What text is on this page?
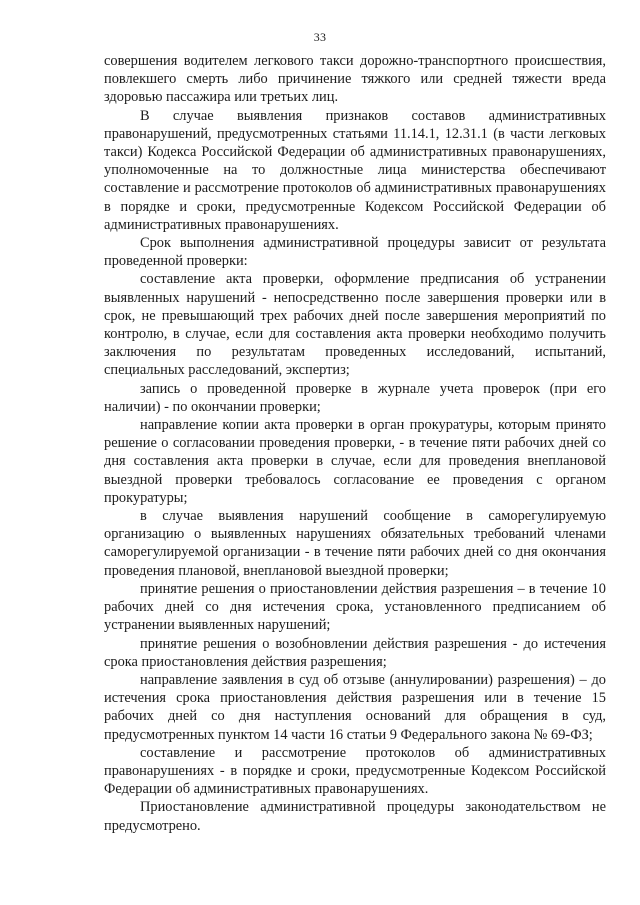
33

совершения водителем легкового такси дорожно-транспортного происшествия, повлекшего смерть либо причинение тяжкого или средней тяжести вреда здоровью пассажира или третьих лиц.

В случае выявления признаков составов административных правонарушений, предусмотренных статьями 11.14.1, 12.31.1 (в части легковых такси) Кодекса Российской Федерации об административных правонарушениях, уполномоченные на то должностные лица министерства обеспечивают составление и рассмотрение протоколов об административных правонарушениях в порядке и сроки, предусмотренные Кодексом Российской Федерации об административных правонарушениях.

Срок выполнения административной процедуры зависит от результата проведенной проверки:

составление акта проверки, оформление предписания об устранении выявленных нарушений - непосредственно после завершения проверки или в срок, не превышающий трех рабочих дней после завершения мероприятий по контролю, в случае, если для составления акта проверки необходимо получить заключения по результатам проведенных исследований, испытаний, специальных расследований, экспертиз;

запись о проведенной проверке в журнале учета проверок (при его наличии) - по окончании проверки;

направление копии акта проверки в орган прокуратуры, которым принято решение о согласовании проведения проверки, - в течение пяти рабочих дней со дня составления акта проверки в случае, если для проведения внеплановой выездной проверки требовалось согласование ее проведения с органом прокуратуры;

в случае выявления нарушений сообщение в саморегулируемую организацию о выявленных нарушениях обязательных требований членами саморегулируемой организации - в течение пяти рабочих дней со дня окончания проведения плановой, внеплановой выездной проверки;

принятие решения о приостановлении действия разрешения – в течение 10 рабочих дней со дня истечения срока, установленного предписанием об устранении выявленных нарушений;

принятие решения о возобновлении действия разрешения - до истечения срока приостановления действия разрешения;

направление заявления в суд об отзыве (аннулировании) разрешения) – до истечения срока приостановления действия разрешения или в течение 15 рабочих дней со дня наступления оснований для обращения в суд, предусмотренных пунктом 14 части 16 статьи 9 Федерального закона № 69-ФЗ;

составление и рассмотрение протоколов об административных правонарушениях - в порядке и сроки, предусмотренные Кодексом Российской Федерации об административных правонарушениях.

Приостановление административной процедуры законодательством не предусмотрено.
